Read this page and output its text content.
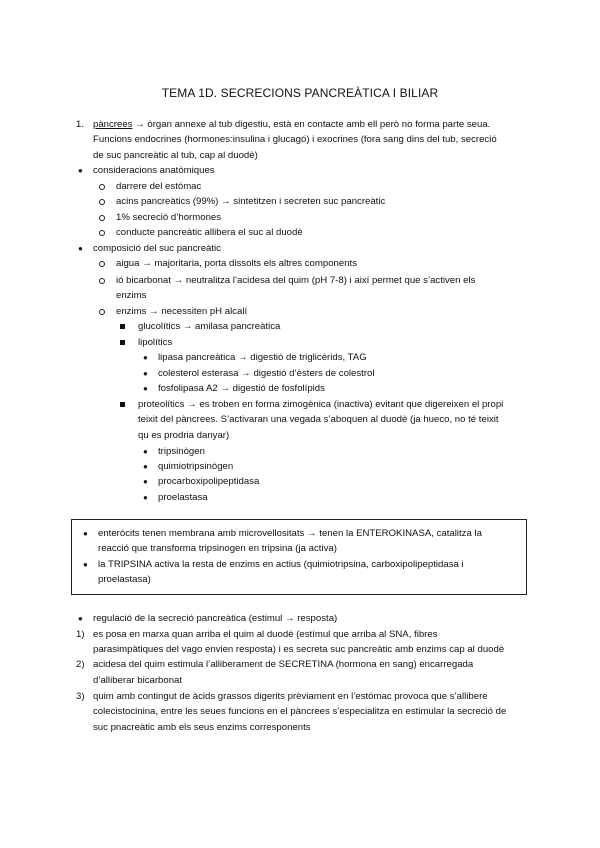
TEMA 1D. SECRECIONS PANCREÀTICA I BILIAR
1. pàncrees → òrgan annexe al tub digestiu, està en contacte amb ell però no forma parte seua.
Funcions endocrines (hormones:insulina i glucagó) i exocrines (fora sang dins del tub, secreció
de suc pancreàtic al tub, cap al duodè)
● consideracions anatòmiques
darrere del estómac
acins pancreàtics (99%) → sintetitzen i secreten suc pancreàtic
1% secreció d’hormones
conducte pancreàtic allibera el suc al duodè
● composició del suc pancreàtic
aigua → majoritaria, porta dissolts els altres components
ió bicarbonat → neutralitza l’acidesa del quim (pH 7-8) i així permet que s’activen els
enzims
enzims → necessiten pH alcalí
glucolítics → amilasa pancreàtica
lipolítics
● lipasa pancreàtica → digestió de triglicèrids, TAG
● colesterol esterasa → digestió d’èsters de colestrol
● fosfolipasa A2 → digestió de fosfolípids
proteolítics → es troben en forma zimogènica (inactiva) evitant que digereixen el propi
teixit del pàncrees. S’activaran una vegada s’aboquen al duodè (ja hueco, no té teixit
qu es prodria danyar)
● tripsinògen
● quimiotripsinògen
● procarboxipolipeptidasa
● proelastasa
● enteròcits tenen membrana amb microvellositats → tenen la ENTEROKINASA, catalitza la
reacció que transforma tripsinogen en tripsina (ja activa)
● la TRIPSINA activa la resta de enzims en actius (quimiotripsina, carboxipolipeptidasa i
proelastasa)
● regulació de la secreció pancreàtica (estimul → resposta)
1) es posa en marxa quan arriba el quim al duodè (estímul que arriba al SNA, fibres
parasimpàtiques del vago envien resposta) i es secreta suc pancreàtic amb enzims cap al duodè
2) acidesa del quim estimula l’alliberament de SECRETINA (hormona en sang) encarregada
d’alliberar bicarbonat
3) quim amb contingut de àcids grassos digerits prèviament en l’estómac provoca que s’allibere
colecistocinina, entre les seues funcions en el pàncrees s’especialitza en estimular la secreció de
suc pnacreàtic amb els seus enzims corresponents
